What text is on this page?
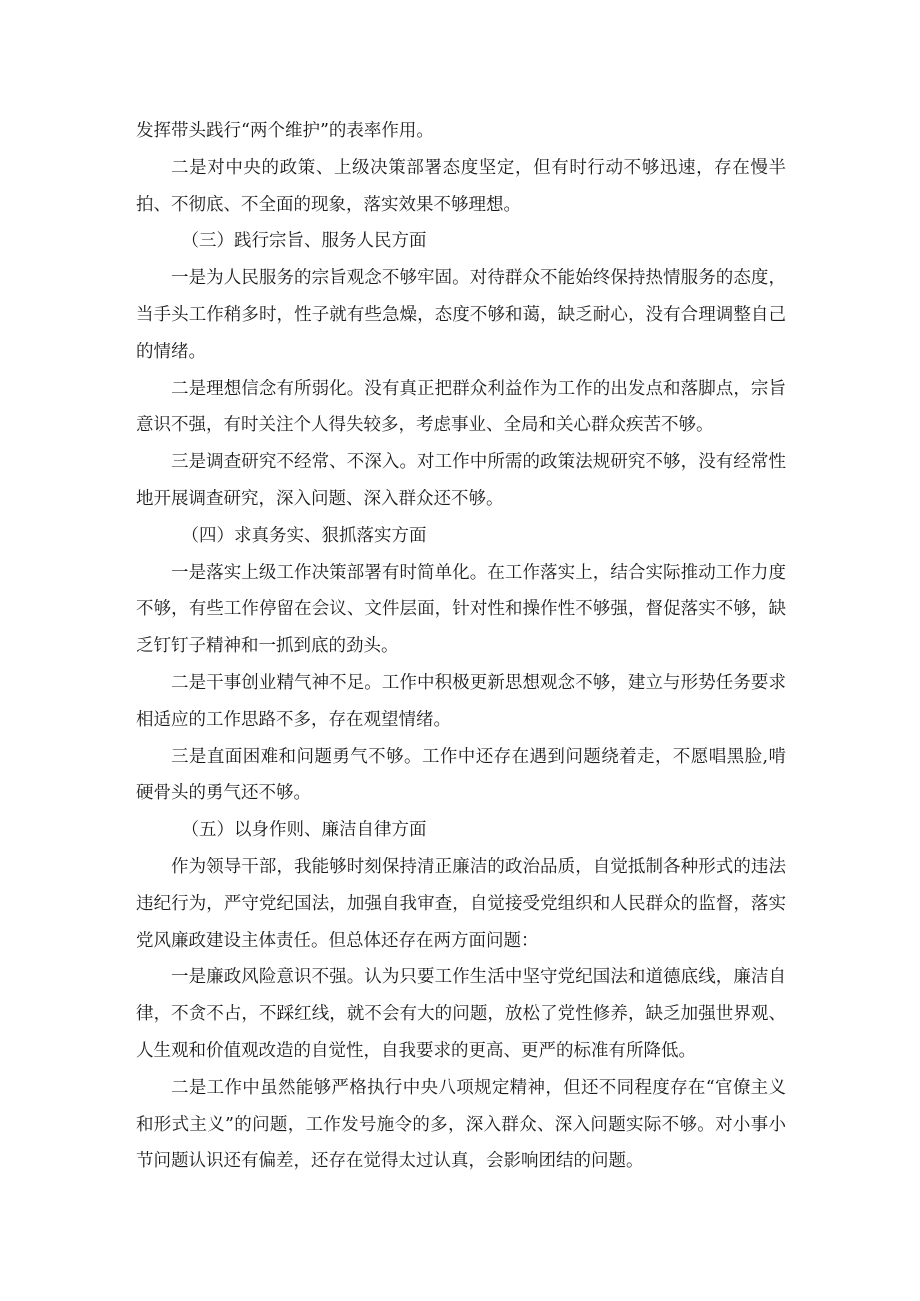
发挥带头践行“两个维护”的表率作用。

二是对中央的政策、上级决策部署态度坚定，但有时行动不够迅速，存在慢半拍、不彻底、不全面的现象，落实效果不够理想。

（三）践行宗旨、服务人民方面

一是为人民服务的宗旨观念不够牢固。对待群众不能始终保持热情服务的态度，当手头工作稍多时，性子就有些急燥，态度不够和蔼，缺乏耐心，没有合理调整自己的情绪。

二是理想信念有所弱化。没有真正把群众利益作为工作的出发点和落脚点，宗旨意识不强，有时关注个人得失较多，考虑事业、全局和关心群众疾苦不够。

三是调查研究不经常、不深入。对工作中所需的政策法规研究不够，没有经常性地开展调查研究，深入问题、深入群众还不够。

（四）求真务实、狠抓落实方面

一是落实上级工作决策部署有时简单化。在工作落实上，结合实际推动工作力度不够，有些工作停留在会议、文件层面，针对性和操作性不够强，督促落实不够，缺乏钉钉子精神和一抓到底的劲头。

二是干事创业精气神不足。工作中积极更新思想观念不够，建立与形势任务要求相适应的工作思路不多，存在观望情绪。

三是直面困难和问题勇气不够。工作中还存在遇到问题绕着走，不愿唱黑脸,啃硬骨头的勇气还不够。

（五）以身作则、廉洁自律方面

作为领导干部，我能够时刻保持清正廉洁的政治品质，自觉抵制各种形式的违法违纪行为，严守党纪国法，加强自我审查，自觉接受党组织和人民群众的监督，落实党风廉政建设主体责任。但总体还存在两方面问题：

一是廉政风险意识不强。认为只要工作生活中坚守党纪国法和道德底线，廉洁自律，不贪不占，不踩红线，就不会有大的问题，放松了党性修养，缺乏加强世界观、人生观和价值观改造的自觉性，自我要求的更高、更严的标准有所降低。

二是工作中虽然能够严格执行中央八项规定精神，但还不同程度存在“官僚主义和形式主义”的问题，工作发号施令的多，深入群众、深入问题实际不够。对小事小节问题认识还有偏差，还存在觉得太过认真，会影响团结的问题。
